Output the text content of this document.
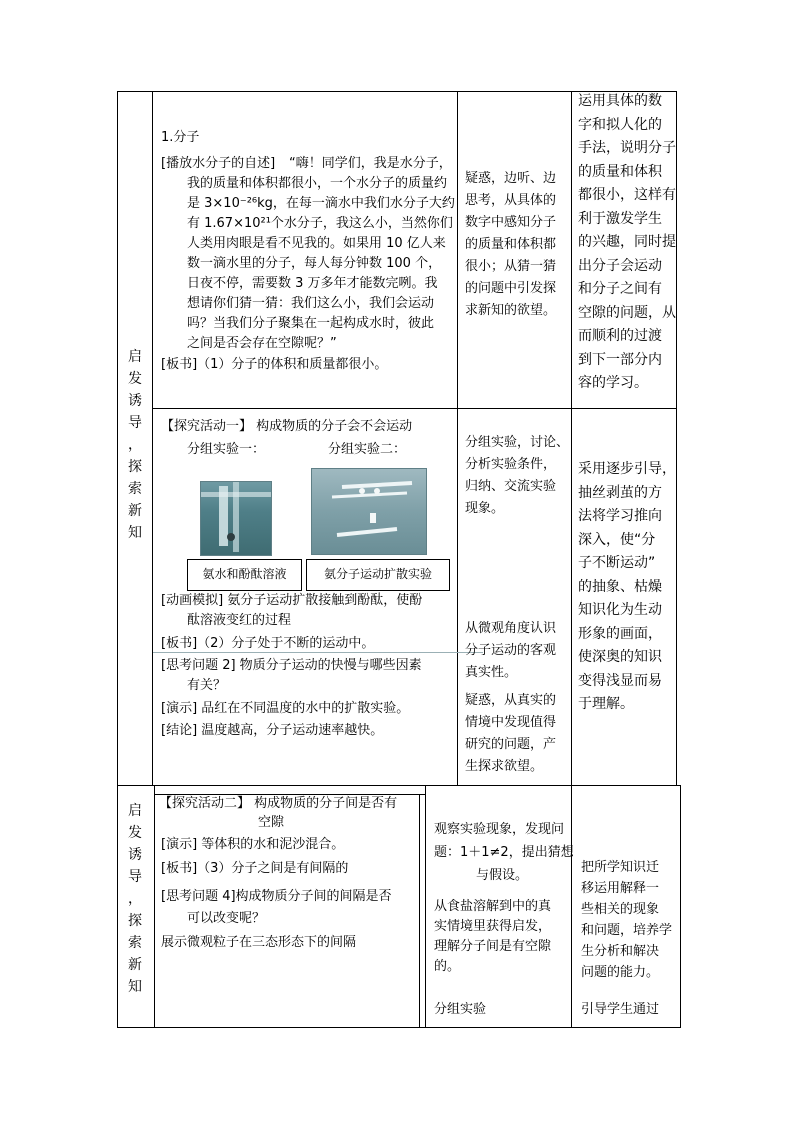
启
发
诱
导
，
探
索
新
知
1.分子
[播放水分子的自述] “嗨！同学们，我是水分子，
我的质量和体积都很小，一个水分子的质量约
是 3×10⁻²⁶kg，在每一滴水中我们水分子大约
有 1.67×10²¹个水分子，我这么小，当然你们
人类用肉眼是看不见我的。如果用 10 亿人来
数一滴水里的分子，每人每分钟数 100 个，
日夜不停，需要数 3 万多年才能数完咧。我
想请你们猜一猜：我们这么小，我们会运动
吗？当我们分子聚集在一起构成水时，彼此
之间是否会存在空隙呢？”
[板书]（1）分子的体积和质量都很小。
疑惑，边听、边
思考，从具体的
数字中感知分子
的质量和体积都
很小；从猜一猜
的问题中引发探
求新知的欲望。
运用具体的数
字和拟人化的
手法，说明分子
的质量和体积
都很小，这样有
利于激发学生
的兴趣，同时提
出分子会运动
和分子之间有
空隙的问题，从
而顺利的过渡
到下一部分内
容的学习。
【探究活动一】 构成物质的分子会不会运动
分组实验一：	分组实验二：
氨水和酚酞溶液	氨分子运动扩散实验
[动画模拟] 氨分子运动扩散接触到酚酞，使酚
酞溶液变红的过程
[板书]（2）分子处于不断的运动中。
[思考问题 2] 物质分子运动的快慢与哪些因素
有关？
[演示] 品红在不同温度的水中的扩散实验。
[结论] 温度越高，分子运动速率越快。
分组实验，讨论、
分析实验条件，
归纳、交流实验
现象。
从微观角度认识
分子运动的客观
真实性。
疑惑，从真实的
情境中发现值得
研究的问题，产
生探求欲望。
采用逐步引导，
抽丝剥茧的方
法将学习推向
深入，使“分
子不断运动”
的抽象、枯燥
知识化为生动
形象的画面，
使深奥的知识
变得浅显而易
于理解。
启
发
诱
导
，
探
索
新
知
【探究活动二】 构成物质的分子间是否有
空隙
[演示] 等体积的水和泥沙混合。
[板书]（3）分子之间是有间隔的
[思考问题 4]构成物质分子间的间隔是否
可以改变呢？
展示微观粒子在三态形态下的间隔
观察实验现象，发现问
题：1＋1≠2，提出猜想
与假设。
从食盐溶解到中的真
实情境里获得启发，
理解分子间是有空隙
的。
分组实验
把所学知识迁
移运用解释一
些相关的现象
和问题，培养学
生分析和解决
问题的能力。
引导学生通过
